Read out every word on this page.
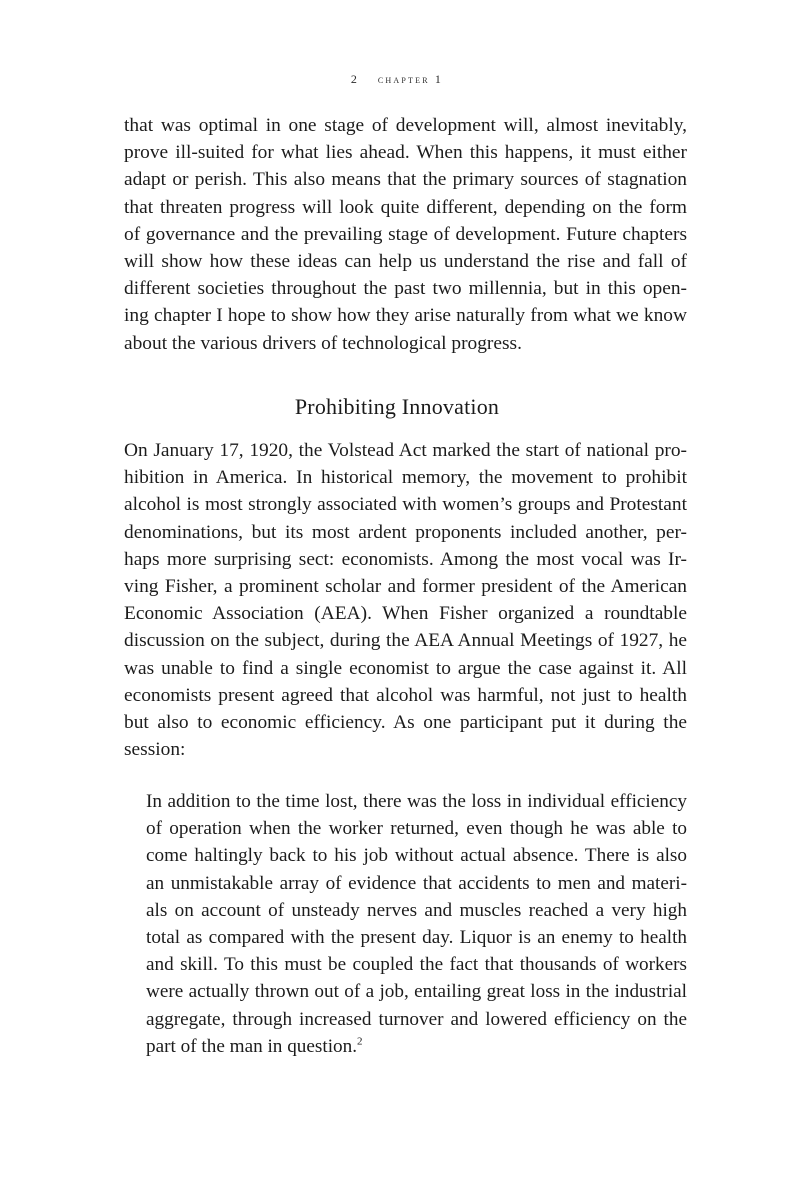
2 chapter 1

that was optimal in one stage of development will, almost inevitably,
prove ill-suited for what lies ahead. When this happens, it must either
adapt or perish. This also means that the primary sources of stagnation
that threaten progress will look quite different, depending on the form
of governance and the prevailing stage of development. Future chapters
will show how these ideas can help us understand the rise and fall of
different societies throughout the past two millennia, but in this open-
ing chapter I hope to show how they arise naturally from what we know
about the various drivers of technological progress.

Prohibiting Innovation

On January 17, 1920, the Volstead Act marked the start of national pro-
hibition in America. In historical memory, the movement to prohibit
alcohol is most strongly associated with women’s groups and Protestant
denominations, but its most ardent proponents included another, per-
haps more surprising sect: economists. Among the most vocal was Ir-
ving Fisher, a prominent scholar and former president of the American
Economic Association (AEA). When Fisher organized a roundtable
discussion on the subject, during the AEA Annual Meetings of 1927, he
was unable to find a single economist to argue the case against it. All
economists present agreed that alcohol was harmful, not just to health
but also to economic efficiency. As one participant put it during the
session:

In addition to the time lost, there was the loss in individual efficiency
of operation when the worker returned, even though he was able to
come haltingly back to his job without actual absence. There is also
an unmistakable array of evidence that accidents to men and materi-
als on account of unsteady nerves and muscles reached a very high
total as compared with the present day. Liquor is an enemy to health
and skill. To this must be coupled the fact that thousands of workers
were actually thrown out of a job, entailing great loss in the industrial
aggregate, through increased turnover and lowered efficiency on the
part of the man in question.$^2$
